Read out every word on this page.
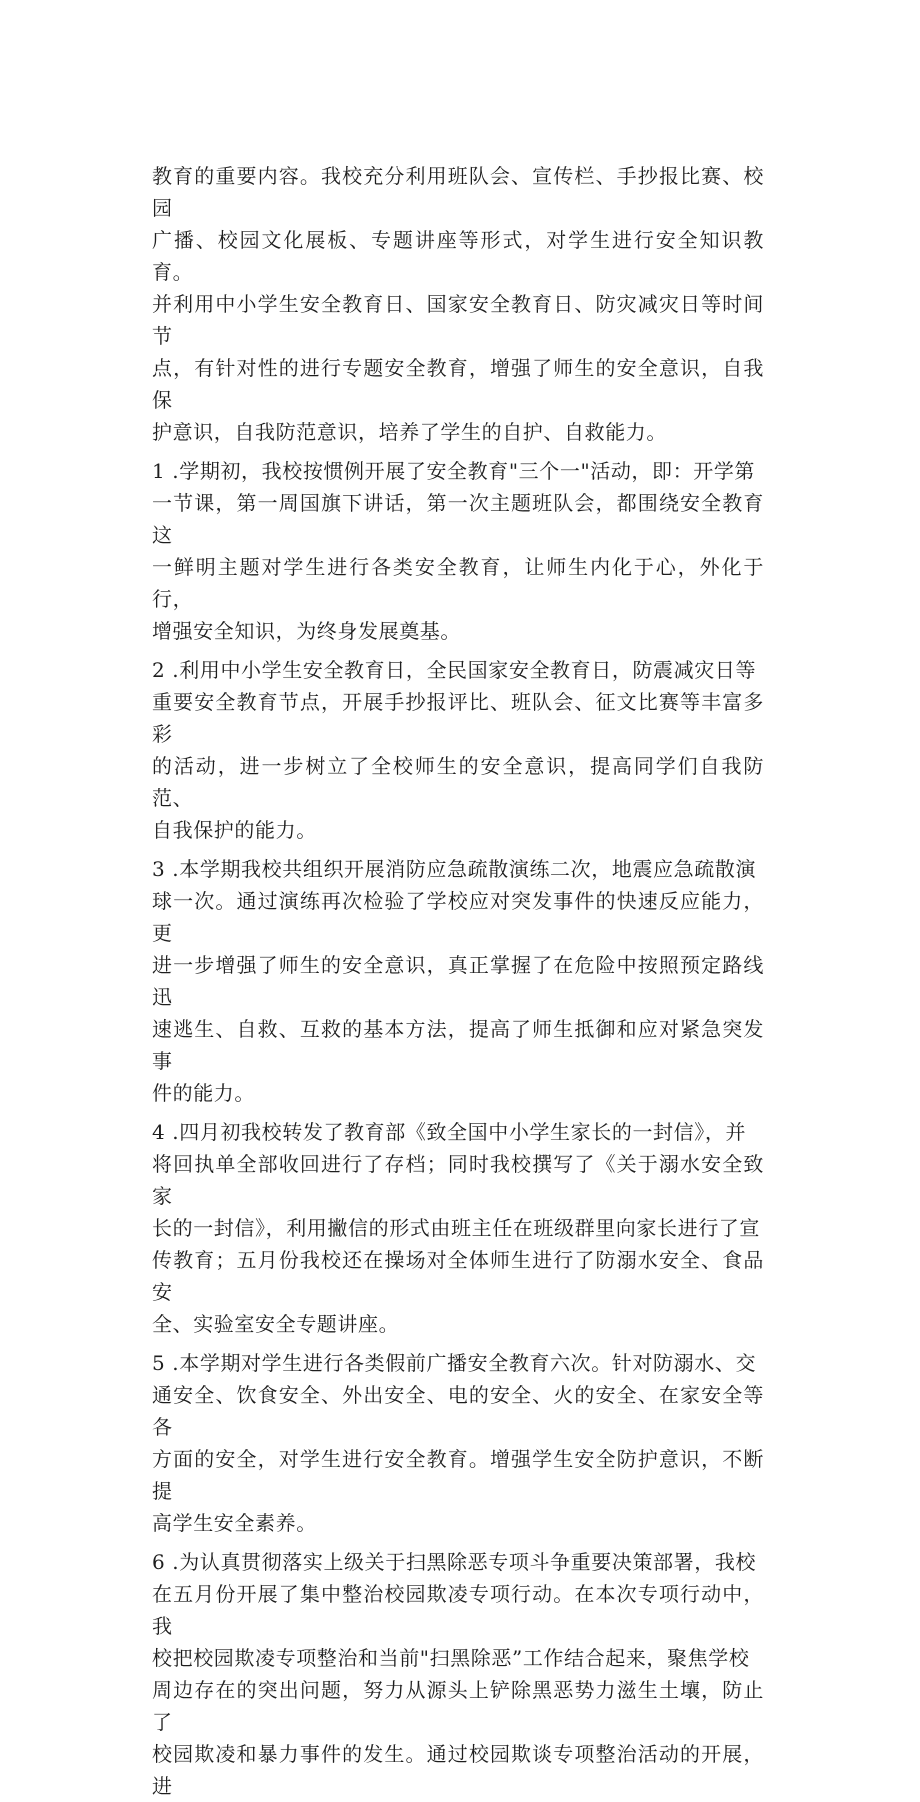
教育的重要内容。我校充分利用班队会、宣传栏、手抄报比赛、校园
广播、校园文化展板、专题讲座等形式，对学生进行安全知识教育。
并利用中小学生安全教育日、国家安全教育日、防灾减灾日等时间节
点，有针对性的进行专题安全教育，增强了师生的安全意识，自我保
护意识，自我防范意识，培养了学生的自护、自救能力。

1 .学期初，我校按惯例开展了安全教育"三个一"活动，即：开学第
一节课，第一周国旗下讲话，第一次主题班队会，都围绕安全教育这
一鲜明主题对学生进行各类安全教育，让师生内化于心，外化于行，
增强安全知识，为终身发展奠基。

2 .利用中小学生安全教育日，全民国家安全教育日，防震减灾日等
重要安全教育节点，开展手抄报评比、班队会、征文比赛等丰富多彩
的活动，进一步树立了全校师生的安全意识，提高同学们自我防范、
自我保护的能力。

3 .本学期我校共组织开展消防应急疏散演练二次，地震应急疏散演
球一次。通过演练再次检验了学校应对突发事件的快速反应能力，更
进一步增强了师生的安全意识，真正掌握了在危险中按照预定路线迅
速逃生、自救、互救的基本方法，提高了师生抵御和应对紧急突发事
件的能力。

4 .四月初我校转发了教育部《致全国中小学生家长的一封信》，并
将回执单全部收回进行了存档；同时我校撰写了《关于溺水安全致家
长的一封信》，利用撇信的形式由班主任在班级群里向家长进行了宣
传教育；五月份我校还在操场对全体师生进行了防溺水安全、食品安
全、实验室安全专题讲座。

5 .本学期对学生进行各类假前广播安全教育六次。针对防溺水、交
通安全、饮食安全、外出安全、电的安全、火的安全、在家安全等各
方面的安全，对学生进行安全教育。增强学生安全防护意识，不断提
高学生安全素养。

6 .为认真贯彻落实上级关于扫黑除恶专项斗争重要决策部署，我校
在五月份开展了集中整治校园欺凌专项行动。在本次专项行动中，我
校把校园欺凌专项整治和当前"扫黑除恶”工作结合起来，聚焦学校
周边存在的突出问题，努力从源头上铲除黑恶势力滋生土壤，防止了
校园欺凌和暴力事件的发生。通过校园欺谈专项整治活动的开展，进
